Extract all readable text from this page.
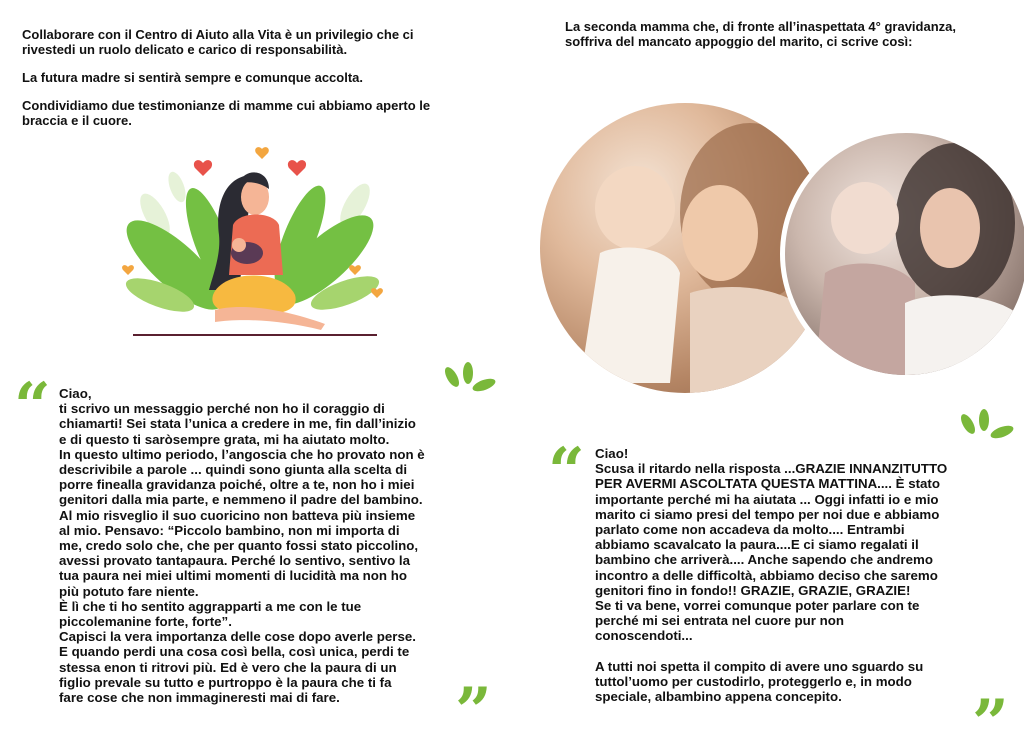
Collaborare con il Centro di Aiuto alla Vita è un privilegio che ci rivestedi un ruolo delicato e carico di responsabilità.

La futura madre si sentirà sempre e comunque accolta.

Condividiamo due testimonianze di mamme cui abbiamo aperto le braccia e il cuore.

La seconda mamma che, di fronte all’inaspettata 4° gravidanza,
soffriva del mancato appoggio del marito, ci scrive così:
“
”
“
”
Ciao,
ti scrivo un messaggio perché non ho il coraggio di
chiamarti! Sei stata l’unica a credere in me, fin dall’inizio
e di questo ti saròsempre grata, mi ha aiutato molto.
In questo ultimo periodo, l’angoscia che ho provato non è
descrivibile a parole ... quindi sono giunta alla scelta di
porre finealla gravidanza poiché, oltre a te, non ho i miei
genitori dalla mia parte, e nemmeno il padre del bambino.
Al mio risveglio il suo cuoricino non batteva più insieme
al mio. Pensavo: “Piccolo bambino, non mi importa di
me, credo solo che, che per quanto fossi stato piccolino,
avessi provato tantapaura. Perché lo sentivo, sentivo la
tua paura nei miei ultimi momenti di lucidità ma non ho
più potuto fare niente.
È lì che ti ho sentito aggrapparti a me con le tue
piccolemanine forte, forte”.
Capisci la vera importanza delle cose dopo averle perse.
E quando perdi una cosa così bella, così unica, perdi te
stessa enon ti ritrovi più. Ed è vero che la paura di un
figlio prevale su tutto e purtroppo è la paura che ti fa
fare cose che non immagineresti mai di fare.
Ciao!
Scusa il ritardo nella risposta ...GRAZIE INNANZITUTTO
PER AVERMI ASCOLTATA QUESTA MATTINA.... È stato
importante perché mi ha aiutata ... Oggi infatti io e mio
marito ci siamo presi del tempo per noi due e abbiamo
parlato come non accadeva da molto.... Entrambi
abbiamo scavalcato la paura....E ci siamo regalati il
bambino che arriverà.... Anche sapendo che andremo
incontro a delle difficoltà, abbiamo deciso che saremo
genitori fino in fondo!! GRAZIE, GRAZIE, GRAZIE!
Se ti va bene, vorrei comunque poter parlare con te
perché mi sei entrata nel cuore pur non
conoscendoti...
A tutti noi spetta il compito di avere uno sguardo su
tuttol’uomo per custodirlo, proteggerlo e, in modo
speciale, albambino appena concepito.
